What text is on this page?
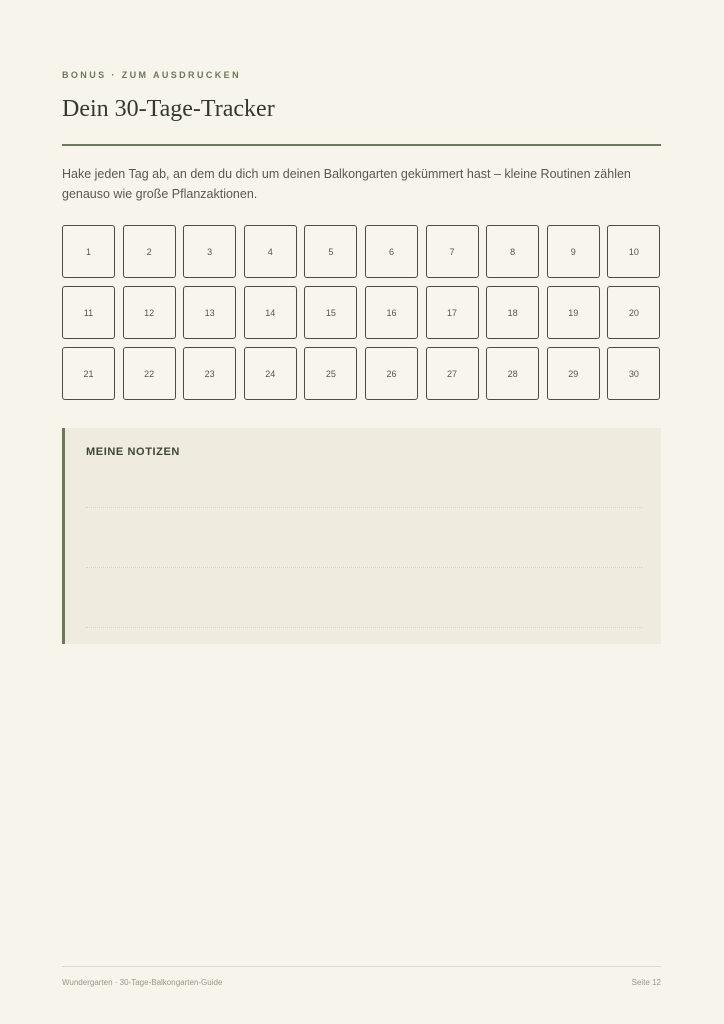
BONUS · ZUM AUSDRUCKEN
Dein 30-Tage-Tracker

Hake jeden Tag ab, an dem du dich um deinen Balkongarten gekümmert hast – kleine Routinen zählen genauso wie große Pflanzaktionen.

1	2	3	4	5	6	7	8	9	10
11	12	13	14	15	16	17	18	19	20
21	22	23	24	25	26	27	28	29	30
MEINE NOTIZEN
Wundergarten · 30-Tage-Balkongarten-Guide	Seite 12
